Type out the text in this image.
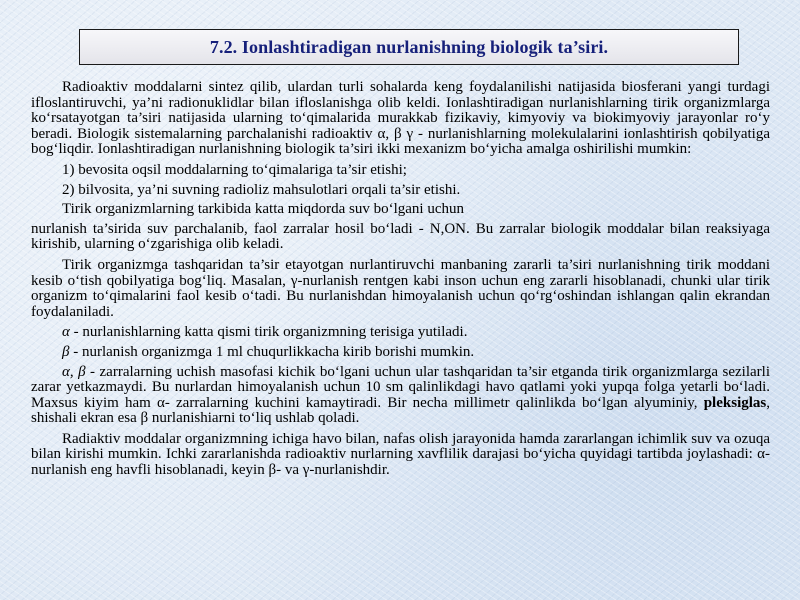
7.2. Ionlashtiradigan nurlanishning biologik ta’siri.

Radioaktiv moddalarni sintez qilib, ulardan turli sohalarda keng foydalanilishi natijasida biosferani yangi turdagi ifloslantiruvchi, ya’ni radionuklidlar bilan ifloslanishga olib keldi. Ionlashtiradigan nurlanishlarning tirik organizmlarga ko‘rsatayotgan ta’siri natijasida ularning to‘qimalarida murakkab fizikaviy, kimyoviy va biokimyoviy jarayonlar ro‘y beradi. Biologik sistemalarning parchalanishi radioaktiv α, β γ - nurlanishlarning molekulalarini ionlashtirish qobilyatiga bog‘liqdir. Ionlashtiradigan nurlanishning biologik ta’siri ikki mexanizm bo‘yicha amalga oshirilishi mumkin:

1) bevosita oqsil moddalarning to‘qimalariga ta’sir etishi;

2) bilvosita, ya’ni suvning radioliz mahsulotlari orqali ta’sir etishi.

Tirik organizmlarning tarkibida katta miqdorda suv bo‘lgani uchun

nurlanish ta’sirida suv parchalanib, faol zarralar hosil bo‘ladi - N,ON. Bu zarralar biologik moddalar bilan reaksiyaga kirishib, ularning o‘zgarishiga olib keladi.

Tirik organizmga tashqaridan ta’sir etayotgan nurlantiruvchi manbaning zararli ta’siri nurlanishning tirik moddani kesib o‘tish qobilyatiga bog‘liq. Masalan, γ-nurlanish rentgen kabi inson uchun eng zararli hisoblanadi, chunki ular tirik organizm to‘qimalarini faol kesib o‘tadi. Bu nurlanishdan himoyalanish uchun qo‘rg‘oshindan ishlangan qalin ekrandan foydalaniladi.

α - nurlanishlarning katta qismi tirik organizmning terisiga yutiladi.

β - nurlanish organizmga 1 ml chuqurlikkacha kirib borishi mumkin.

α, β - zarralarning uchish masofasi kichik bo‘lgani uchun ular tashqaridan ta’sir etganda tirik organizmlarga sezilarli zarar yetkazmaydi. Bu nurlardan himoyalanish uchun 10 sm qalinlikdagi havo qatlami yoki yupqa folga yetarli bo‘ladi. Maxsus kiyim ham α- zarralarning kuchini kamaytiradi. Bir necha millimetr qalinlikda bo‘lgan alyuminiy, pleksiglas, shishali ekran esa β nurlanishiarni to‘liq ushlab qoladi.

Radiaktiv moddalar organizmning ichiga havo bilan, nafas olish jarayonida hamda zararlangan ichimlik suv va ozuqa bilan kirishi mumkin. Ichki zararlanishda radioaktiv nurlarning xavflilik darajasi bo‘yicha quyidagi tartibda joylashadi: α-nurlanish eng havfli hisoblanadi, keyin β- va γ-nurlanishdir.
